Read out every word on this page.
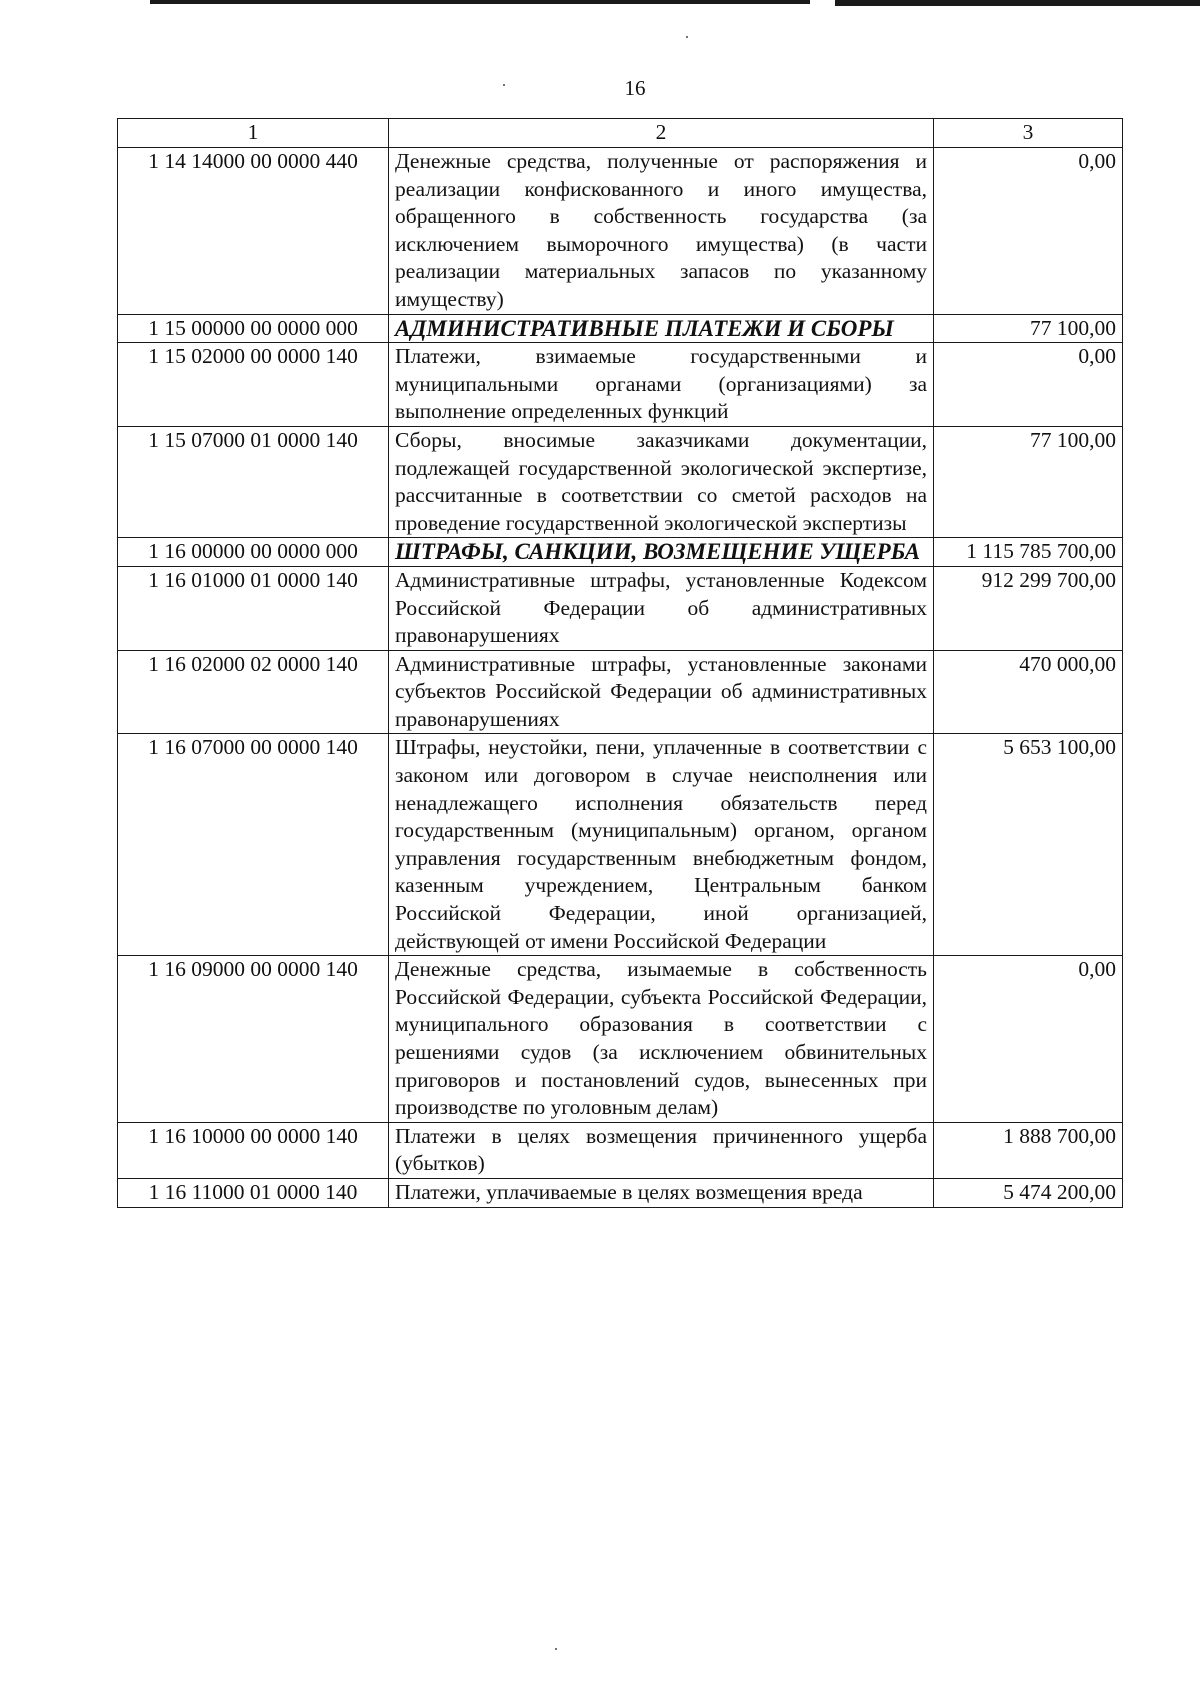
16
1	2	3
1 14 14000 00 0000 440	Денежные средства, полученные от распоряжения и реализации конфискованного и иного имущества, обращенного в собственность государства (за исключением выморочного имущества) (в части реализации материальных запасов по указанному имуществу)	0,00
1 15 00000 00 0000 000	АДМИНИСТРАТИВНЫЕ ПЛАТЕЖИ И СБОРЫ	77 100,00
1 15 02000 00 0000 140	Платежи, взимаемые государственными и муниципальными органами (организациями) за выполнение определенных функций	0,00
1 15 07000 01 0000 140	Сборы, вносимые заказчиками документации, подлежащей государственной экологической экспертизе, рассчитанные в соответствии со сметой расходов на проведение государственной экологической экспертизы	77 100,00
1 16 00000 00 0000 000	ШТРАФЫ, САНКЦИИ, ВОЗМЕЩЕНИЕ УЩЕРБА	1 115 785 700,00
1 16 01000 01 0000 140	Административные штрафы, установленные Кодексом Российской Федерации об административных правонарушениях	912 299 700,00
1 16 02000 02 0000 140	Административные штрафы, установленные законами субъектов Российской Федерации об административных правонарушениях	470 000,00
1 16 07000 00 0000 140	Штрафы, неустойки, пени, уплаченные в соответствии с законом или договором в случае неисполнения или ненадлежащего исполнения обязательств перед государственным (муниципальным) органом, органом управления государственным внебюджетным фондом, казенным учреждением, Центральным банком Российской Федерации, иной организацией, действующей от имени Российской Федерации	5 653 100,00
1 16 09000 00 0000 140	Денежные средства, изымаемые в собственность Российской Федерации, субъекта Российской Федерации, муниципального образования в соответствии с решениями судов (за исключением обвинительных приговоров и постановлений судов, вынесенных при производстве по уголовным делам)	0,00
1 16 10000 00 0000 140	Платежи в целях возмещения причиненного ущерба (убытков)	1 888 700,00
1 16 11000 01 0000 140	Платежи, уплачиваемые в целях возмещения вреда	5 474 200,00
